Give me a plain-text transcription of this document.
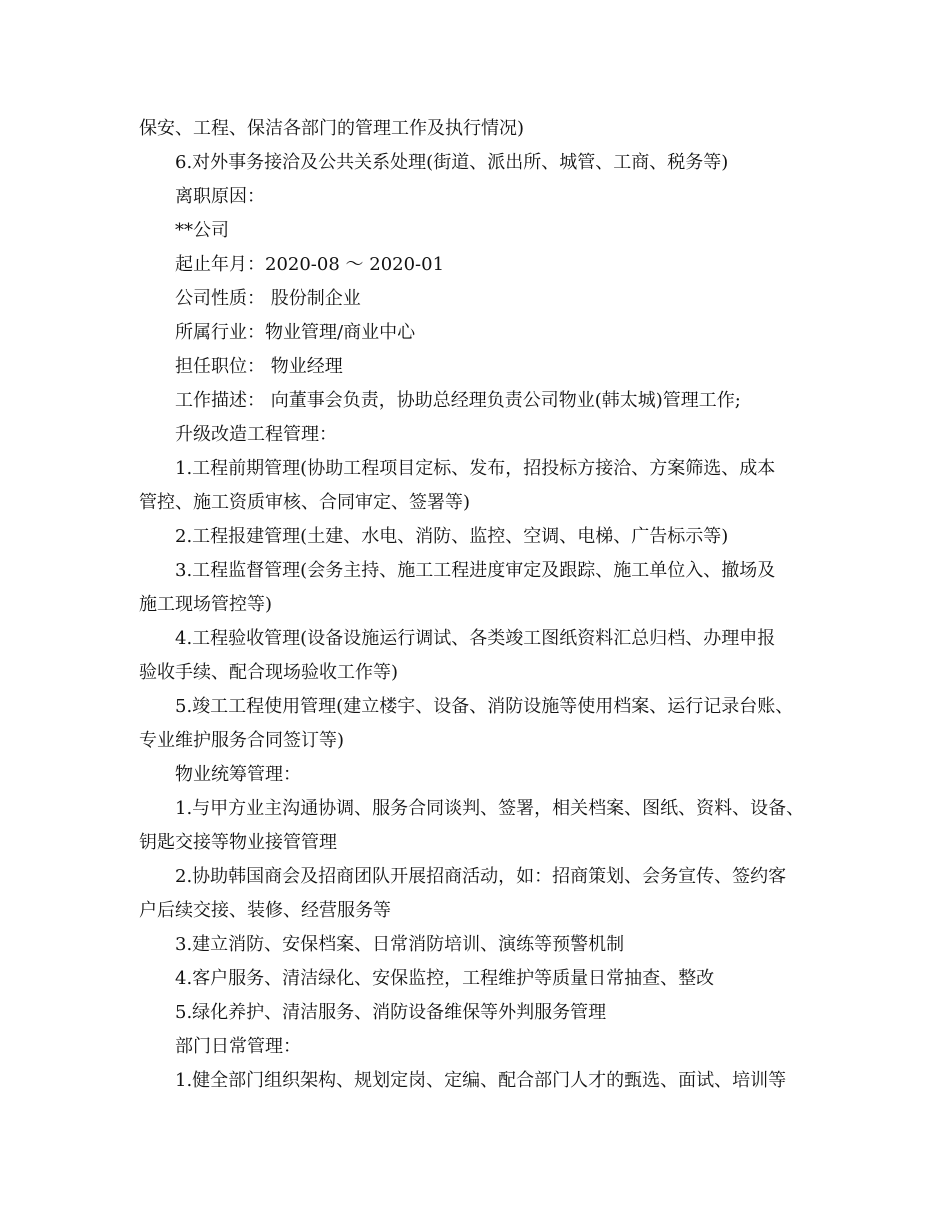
保安、工程、保洁各部门的管理工作及执行情况)
6.对外事务接洽及公共关系处理(街道、派出所、城管、工商、税务等)
离职原因：
**公司
起止年月：2020-08 ～ 2020-01
公司性质： 股份制企业
所属行业：物业管理/商业中心
担任职位： 物业经理
工作描述： 向董事会负责，协助总经理负责公司物业(韩太城)管理工作;
升级改造工程管理：
1.工程前期管理(协助工程项目定标、发布，招投标方接洽、方案筛选、成本
管控、施工资质审核、合同审定、签署等)
2.工程报建管理(土建、水电、消防、监控、空调、电梯、广告标示等)
3.工程监督管理(会务主持、施工工程进度审定及跟踪、施工单位入、撤场及
施工现场管控等)
4.工程验收管理(设备设施运行调试、各类竣工图纸资料汇总归档、办理申报
验收手续、配合现场验收工作等)
5.竣工工程使用管理(建立楼宇、设备、消防设施等使用档案、运行记录台账、
专业维护服务合同签订等)
物业统筹管理：
1.与甲方业主沟通协调、服务合同谈判、签署，相关档案、图纸、资料、设备、
钥匙交接等物业接管管理
2.协助韩国商会及招商团队开展招商活动，如：招商策划、会务宣传、签约客
户后续交接、装修、经营服务等
3.建立消防、安保档案、日常消防培训、演练等预警机制
4.客户服务、清洁绿化、安保监控，工程维护等质量日常抽查、整改
5.绿化养护、清洁服务、消防设备维保等外判服务管理
部门日常管理：
1.健全部门组织架构、规划定岗、定编、配合部门人才的甄选、面试、培训等
